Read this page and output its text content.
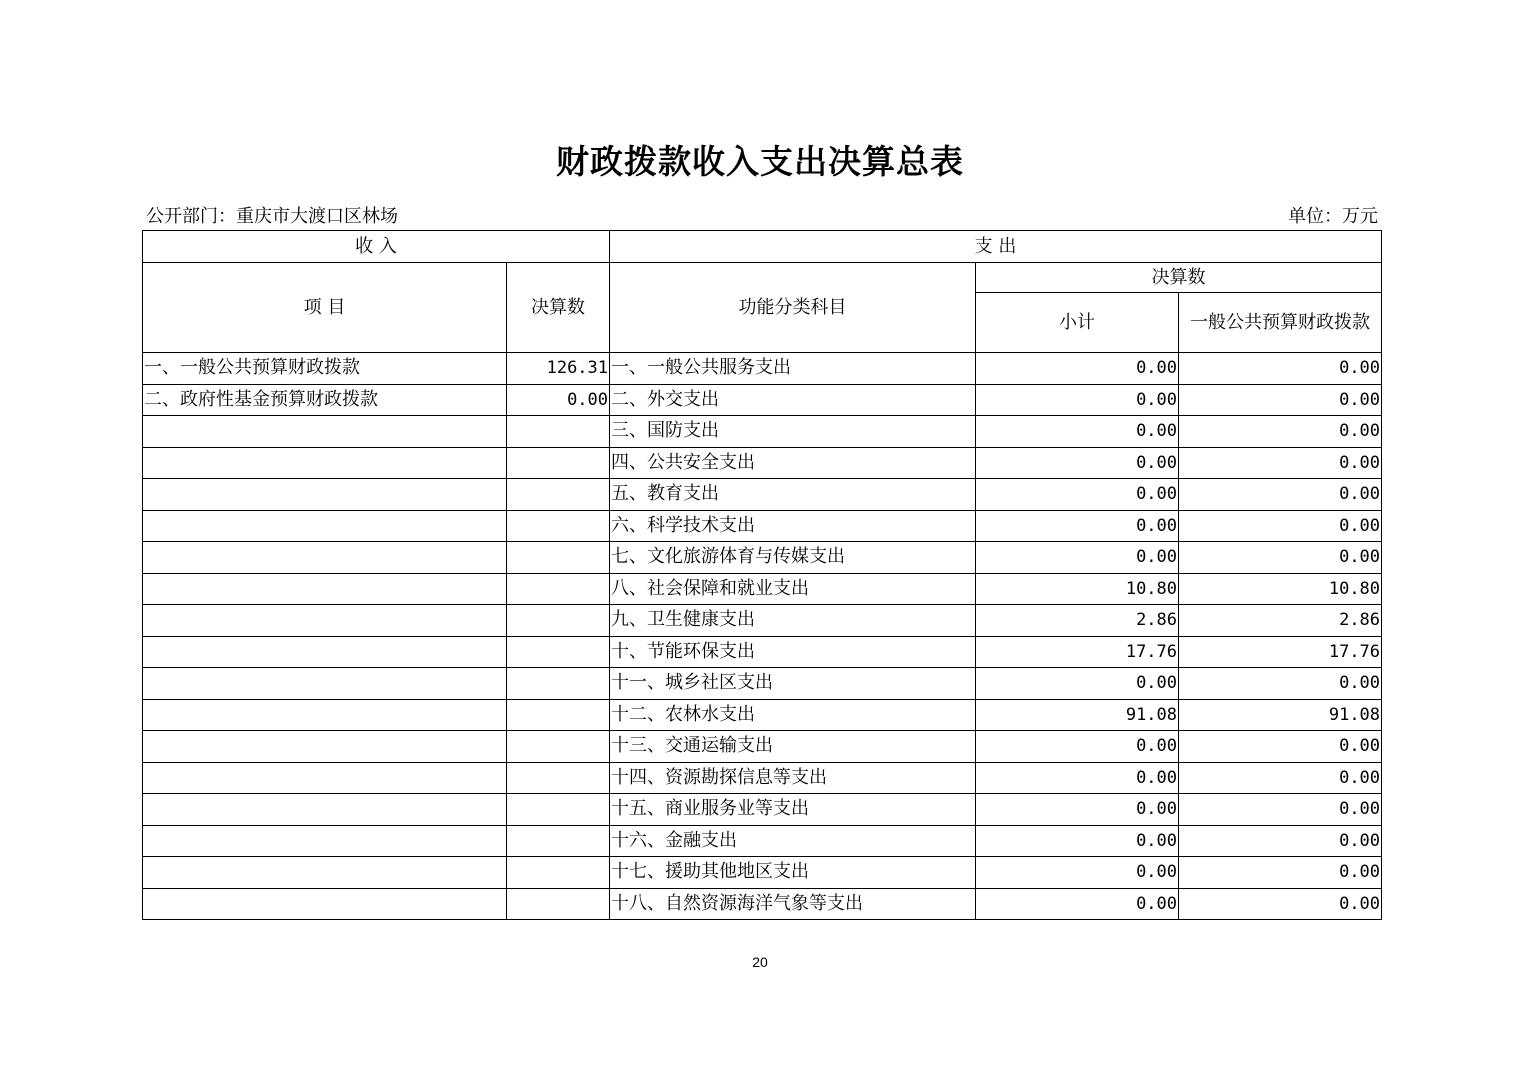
财政拨款收入支出决算总表
公开部门：重庆市大渡口区林场	单位：万元
收 入		支 出		
项 目	决算数	功能分类科目	决算数	
			小计	一般公共预算财政拨款
一、一般公共预算财政拨款	126.31	一、一般公共服务支出	0.00	0.00
二、政府性基金预算财政拨款	0.00	二、外交支出	0.00	0.00
		三、国防支出	0.00	0.00
		四、公共安全支出	0.00	0.00
		五、教育支出	0.00	0.00
		六、科学技术支出	0.00	0.00
		七、文化旅游体育与传媒支出	0.00	0.00
		八、社会保障和就业支出	10.80	10.80
		九、卫生健康支出	2.86	2.86
		十、节能环保支出	17.76	17.76
		十一、城乡社区支出	0.00	0.00
		十二、农林水支出	91.08	91.08
		十三、交通运输支出	0.00	0.00
		十四、资源勘探信息等支出	0.00	0.00
		十五、商业服务业等支出	0.00	0.00
		十六、金融支出	0.00	0.00
		十七、援助其他地区支出	0.00	0.00
		十八、自然资源海洋气象等支出	0.00	0.00
20
